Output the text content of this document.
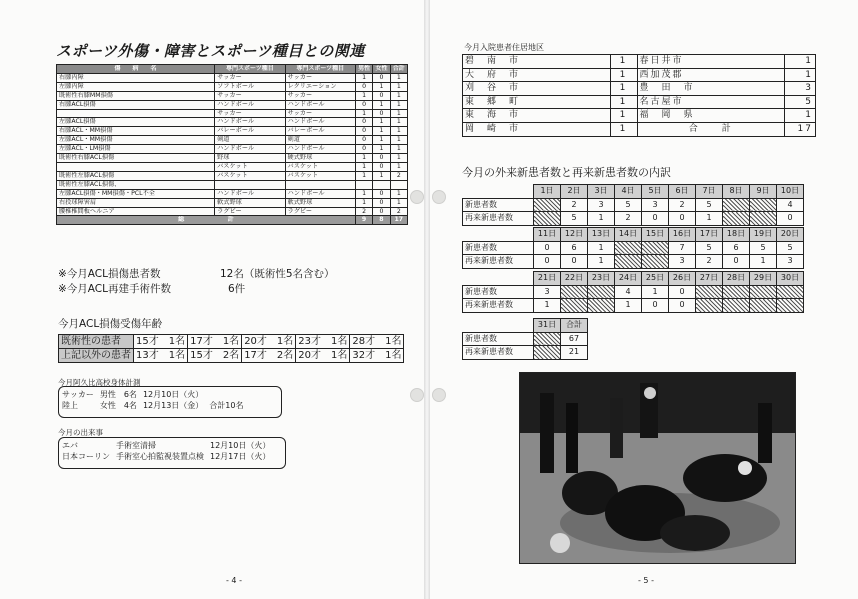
スポーツ外傷・障害とスポーツ種目との関連
傷　　病　　名	専門スポーツ種目	専門スポーツ種目	男性	女性	合計
右膝内障	サッカー	サッカー	1	0	1
左膝内障	ソフトボール	レクリエーション	0	1	1
既術性右膝MM損傷	サッカー	サッカー	1	0	1
右膝ACL損傷	ハンドボール	ハンドボール	0	1	1
	サッカー	サッカー	1	0	1
左膝ACL損傷	ハンドボール	ハンドボール	0	1	1
右膝ACL・MM損傷	バレーボール	バレーボール	0	1	1
左膝ACL・MM損傷	剣道	剣道	0	1	1
左膝ACL・LM損傷	ハンドボール	ハンドボール	0	1	1
既術性右膝ACL損傷	野球	硬式野球	1	0	1
	バスケット	バスケット	1	0	1
既術性左膝ACL損傷	バスケット	バスケット	1	1	2
既術性左膝ACL損傷、					
左膝ACL損傷・MM損傷・PCL不全	ハンドボール	ハンドボール	1	0	1
右投球障害肩	軟式野球	軟式野球	1	0	1
腰椎椎間板ヘルニア	ラグビー	ラグビー	2	0	2
総　　　　　　　計			9	8	17
※今月ACL損傷患者数	12名（既術性5名含む）
※今月ACL再建手術件数	6件
今月ACL損傷受傷年齢
既術性の患者	15才　1名	17才　1名	20才　1名	23才　1名	28才　1名
上記以外の患者	13才　1名	15才　2名	17才　2名	20才　1名	32才　1名
今月阿久比高校身体計測
サッカー	男性　6名	12月10日（火）	
陸上	女性　4名	12月13日（金）	合計10名
今月の出来事
エバ	手術室清掃	12月10日（火）
日本コーリン	手術室心拍監視装置点検	12月17日（火）
- 4 -
今月入院患者住居地区
碧　南　市	1	春日井市	1
大　府　市	1	西加茂郡	1
刈　谷　市	1	豊　田　市	3
東　郷　町	1	名古屋市	5
東　海　市	1	福　岡　県	1
岡　崎　市	1	合　　計	17
今月の外来新患者数と再来新患者数の内訳
	1日	2日	3日	4日	5日	6日	7日	8日	9日	10日
新患者数		2	3	5	3	2	5			4
再来新患者数		5	1	2	0	0	1			0
	11日	12日	13日	14日	15日	16日	17日	18日	19日	20日
新患者数	0	6	1			7	5	6	5	5
再来新患者数	0	0	1			3	2	0	1	3
	21日	22日	23日	24日	25日	26日	27日	28日	29日	30日
新患者数	3			4	1	0				
再来新患者数	1			1	0	0				
	31日	合計
新患者数		67
再来新患者数		21
- 5 -
